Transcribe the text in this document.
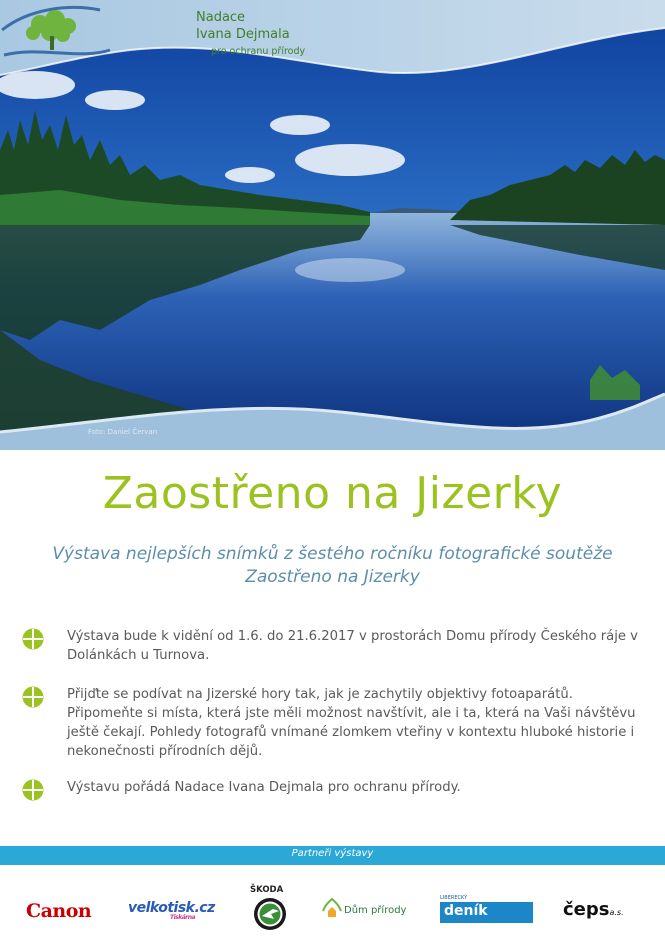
Nadace
Ivana Dejmala
pro ochranu přírody
Foto: Daniel Červan
Zaostřeno na Jizerky
Výstava nejlepších snímků z šestého ročníku fotografické soutěže Zaostřeno na Jizerky
Výstava bude k vidění od 1.6. do 21.6.2017 v prostorách Domu přírody Českého ráje v Dolánkách u Turnova.
Přijďte se podívat na Jizerské hory tak, jak je zachytily objektivy fotoaparátů. Připomeňte si místa, která jste měli možnost navštívit, ale i ta, která na Vaši návštěvu ještě čekají. Pohledy fotografů vnímané zlomkem vteřiny v kontextu hluboké historie i nekonečnosti přírodních dějů.
Výstavu pořádá Nadace Ivana Dejmala pro ochranu přírody.
Partneři výstavy
Canon	velkotisk.cz
Tiskárna
ŠKODA
Dům přírody
LIBERECKÝ
deník	čepsa.s.
